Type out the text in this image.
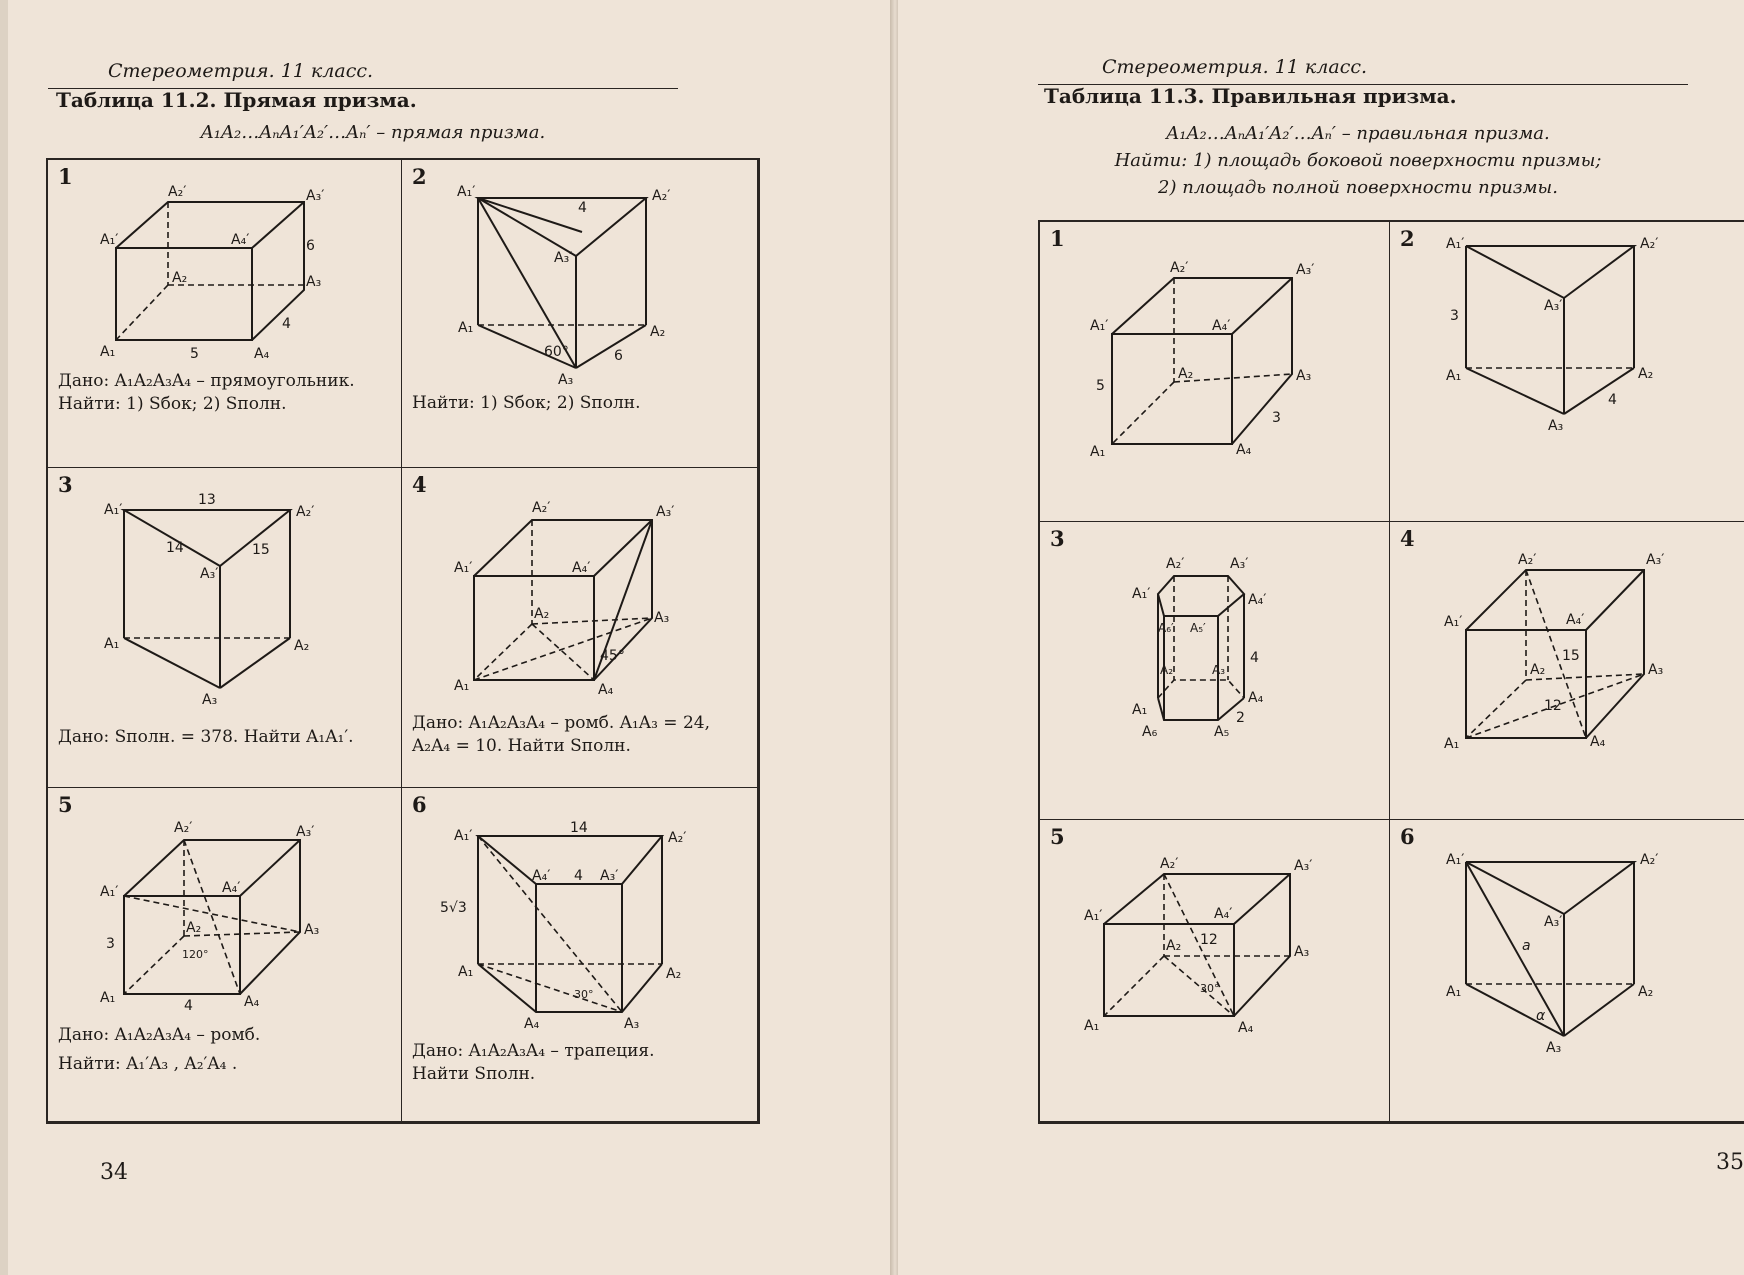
Стереометрия. 11 класс.
Таблица 11.2. Прямая призма.
A₁A₂…AₙA₁′A₂′…Aₙ′ – прямая призма.
1
A₂′	A₃′
A₁′	A₄′
A₂	A₃
A₁	A₄
6
4
5
Дано: A₁A₂A₃A₄ – прямоугольник.
Найти: 1) Sбок; 2) Sполн.
2
A₁′	A₂′
A₃′
A₁	A₂
A₃
4
6
60°
Найти: 1) Sбок; 2) Sполн.
3
A₁′	A₂′
A₃′
A₁	A₂
A₃
13
14	15
Дано: Sполн. = 378. Найти A₁A₁′.
4
A₂′	A₃′
A₁′	A₄′
A₂	A₃
A₁	A₄
45°
Дано: A₁A₂A₃A₄ – ромб. A₁A₃ = 24,
A₂A₄ = 10. Найти Sполн.
5
A₂′	A₃′
A₁′	A₄′
A₂	A₃
A₁	A₄
3
4
120°
Дано: A₁A₂A₃A₄ – ромб.
Найти: A₁′A₃ , A₂′A₄ .
6
A₁′	A₂′
A₄′	A₃′
A₁	A₂
A₄	A₃
14
4
5√3
30°
Дано: A₁A₂A₃A₄ – трапеция.
Найти Sполн.
34
Стереометрия. 11 класс.
Таблица 11.3. Правильная призма.
A₁A₂…AₙA₁′A₂′…Aₙ′ – правильная призма.
Найти: 1) площадь боковой поверхности призмы;
2) площадь полной поверхности призмы.
1
A₂′	A₃′
A₁′	A₄′
A₂	A₃
A₁	A₄
5
3
2 A₁′	A₂′
A₃′
A₁	A₂
A₃
3
4
3
A₂′	A₃′
A₁′	A₄′
A₆′ A₅′
A₂	A₃
A₁
A₄
A₆	A₅
4
2
4
A₂′	A₃′
A₁′	A₄′
A₂	A₃
A₁	A₄
15
12
5
A₂′	A₃′
A₁′	A₄′
A₂	A₃
A₁	A₄
12
30°
6
A₁′	A₂′
A₃′
A₁	A₂
A₃
a
α
35
